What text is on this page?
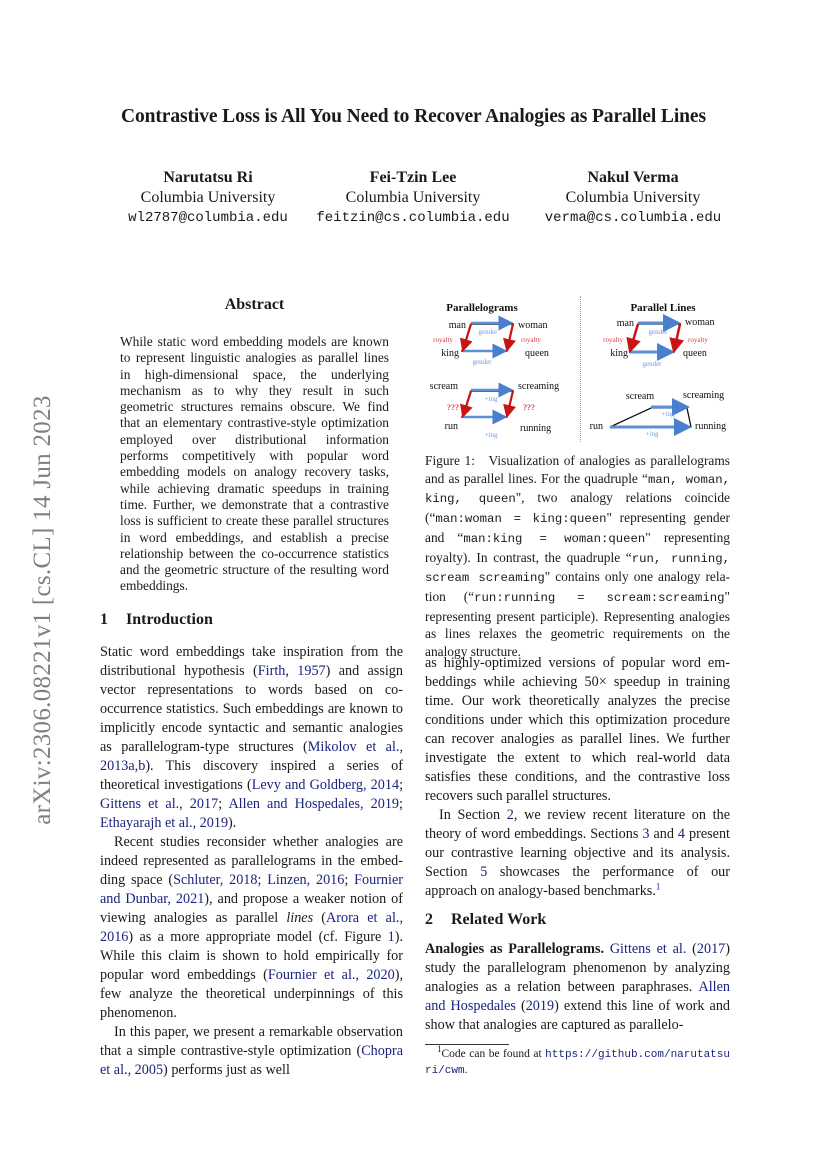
Contrastive Loss is All You Need to Recover Analogies as Parallel Lines
Narutatsu Ri
Columbia University
wl2787@columbia.edu
Fei-Tzin Lee
Columbia University
feitzin@cs.columbia.edu
Nakul Verma
Columbia University
verma@cs.columbia.edu
arXiv:2306.08221v1 [cs.CL] 14 Jun 2023
Abstract
While static word embedding models are known to represent linguistic analogies as parallel lines in high-dimensional space, the underlying mechanism as to why they result in such geometric structures remains obscure. We find that an elementary contrastive-style optimization employed over distributional information performs competitively with popular word embedding models on analogy recovery tasks, while achieving dramatic speedups in training time. Further, we demonstrate that a contrastive loss is sufficient to create these parallel structures in word embeddings, and establish a precise relationship between the co-occurrence statistics and the geometric structure of the resulting word embeddings.
1 Introduction

Static word embeddings take inspiration from the distributional hypothesis (Firth, 1957) and assign vector representations to words based on co-occurrence statistics. Such embeddings are known to implicitly encode syntactic and semantic analogies as parallelogram-type structures (Mikolov et al., 2013a,b). This discovery inspired a series of theoretical investigations (Levy and Goldberg, 2014; Gittens et al., 2017; Allen and Hospedales, 2019; Ethayarajh et al., 2019).

Recent studies reconsider whether analogies are indeed represented as parallelograms in the embedding space (Schluter, 2018; Linzen, 2016; Fournier and Dunbar, 2021), and propose a weaker notion of viewing analogies as parallel lines (Arora et al., 2016) as a more appropriate model (cf. Figure 1). While this claim is shown to hold empirically for popular word embeddings (Fournier et al., 2020), few analyze the theoretical underpinnings of this phenomenon.

In this paper, we present a remarkable observation that a simple contrastive-style optimization (Chopra et al., 2005) performs just as well

Parallelograms
man	woman
king	queen
gender
gender
royalty	royalty
scream	screaming
run	running
+ing
+ing
???	???
Parallel Lines
man	woman
king	queen
gender
gender
royalty	royalty
scream	screaming
run	running
+ing
+ing
Figure 1: Visualization of analogies as parallelograms and as parallel lines. For the quadruple “man, woman, king, queen", two analogy relations coincide (“man:woman = king:queen" representing gender and “man:king = woman:queen" representing royalty). In contrast, the quadruple “run, running, scream screaming" contains only one analogy relation (“run:running = scream:screaming" representing present participle). Representing analogies as lines relaxes the geometric requirements on the analogy structure.

as highly-optimized versions of popular word embeddings while achieving 50× speedup in training time. Our work theoretically analyzes the precise conditions under which this optimization procedure can recover analogies as parallel lines. We further investigate the extent to which real-world data satisfies these conditions, and the contrastive loss recovers such parallel structures.

In Section 2, we review recent literature on the theory of word embeddings. Sections 3 and 4 present our contrastive learning objective and its analysis. Section 5 showcases the performance of our approach on analogy-based benchmarks.$^1$

2 Related Work

Analogies as Parallelograms. Gittens et al. (2017) study the parallelogram phenomenon by analyzing analogies as a relation between paraphrases. Allen and Hospedales (2019) extend this line of work and show that analogies are captured as parallelo-

$^1$Code can be found at https://github.com/narutatsuri/cwm.
